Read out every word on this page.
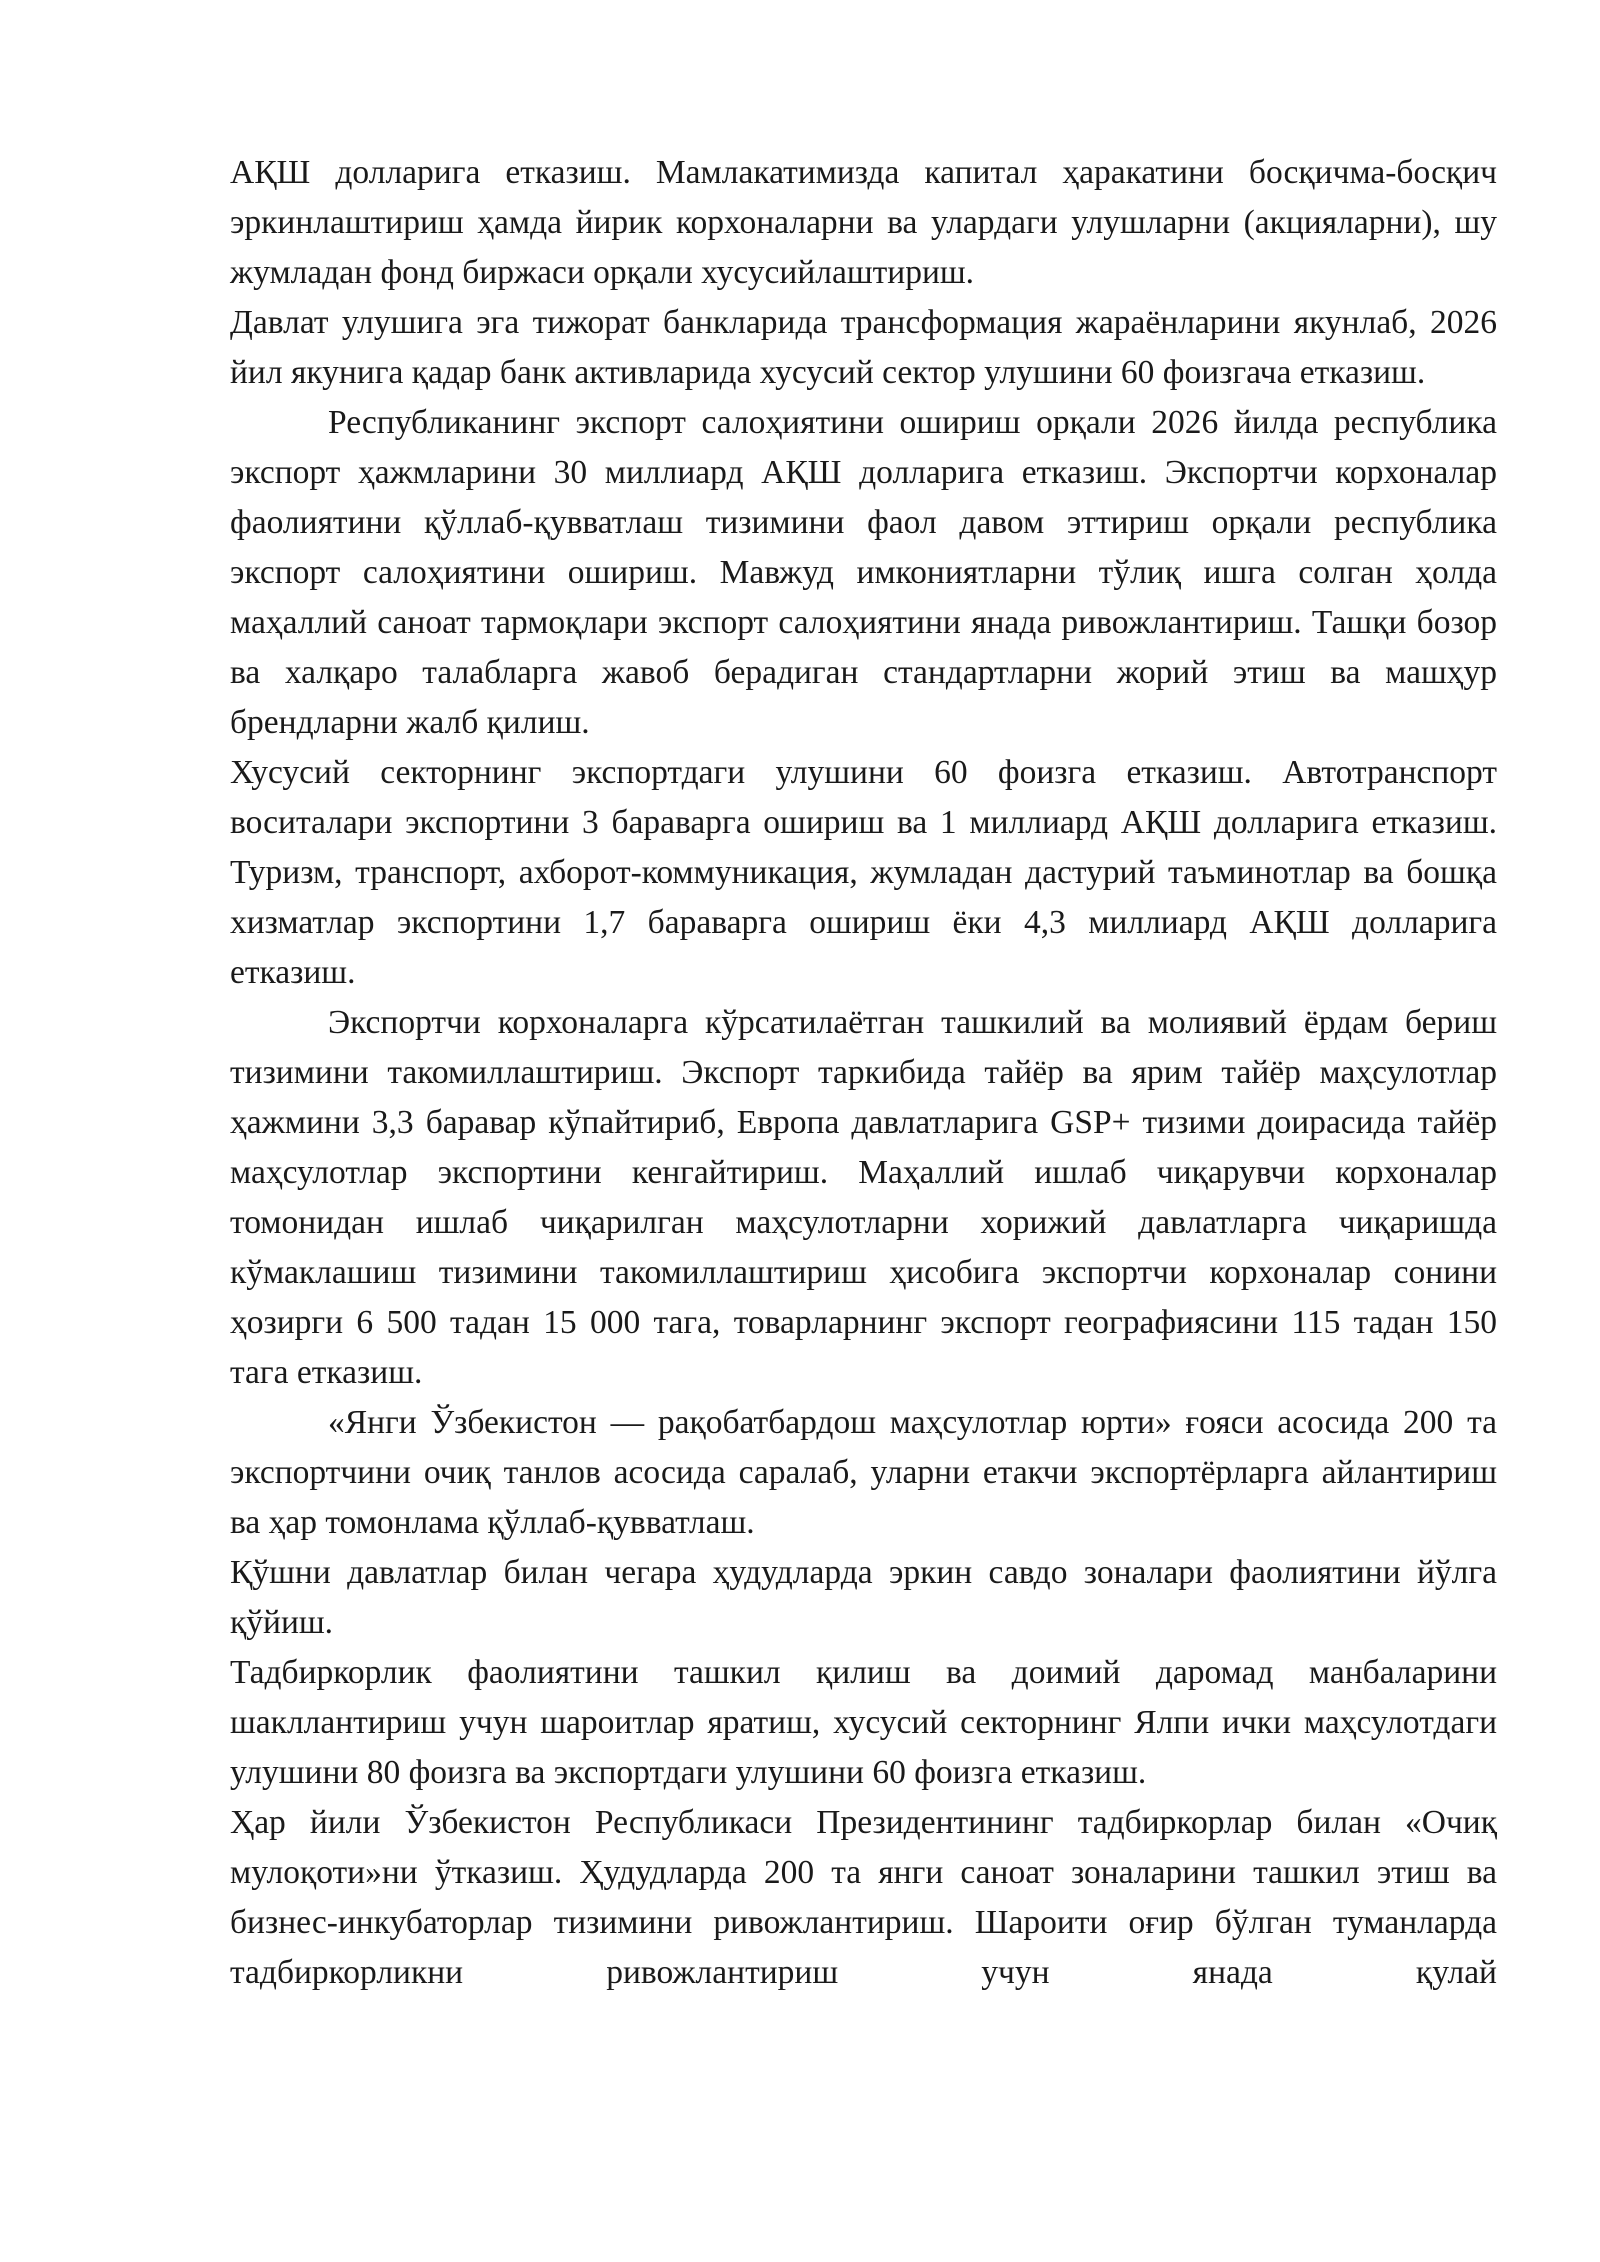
АҚШ долларига етказиш. Мамлакатимизда капитал ҳаракатини босқичма-босқич эркинлаштириш ҳамда йирик корхоналарни ва улардаги улушларни (акцияларни), шу жумладан фонд биржаси орқали хусусийлаштириш.

Давлат улушига эга тижорат банкларида трансформация жараёнларини якунлаб, 2026 йил якунига қадар банк активларида хусусий сектор улушини 60 фоизгача етказиш.

Республиканинг экспорт салоҳиятини ошириш орқали 2026 йилда республика экспорт ҳажмларини 30 миллиард АҚШ долларига етказиш. Экспортчи корхоналар фаолиятини қўллаб-қувватлаш тизимини фаол давом эттириш орқали республика экспорт салоҳиятини ошириш. Мавжуд имкониятларни тўлиқ ишга солган ҳолда маҳаллий саноат тармоқлари экспорт салоҳиятини янада ривожлантириш. Ташқи бозор ва халқаро талабларга жавоб берадиган стандартларни жорий этиш ва машҳур брендларни жалб қилиш.

Хусусий секторнинг экспортдаги улушини 60 фоизга етказиш. Автотранспорт воситалари экспортини 3 бараварга ошириш ва 1 миллиард АҚШ долларига етказиш. Туризм, транспорт, ахборот-коммуникация, жумладан дастурий таъминотлар ва бошқа хизматлар экспортини 1,7 бараварга ошириш ёки 4,3 миллиард АҚШ долларига етказиш.

Экспортчи корхоналарга кўрсатилаётган ташкилий ва молиявий ёрдам бериш тизимини такомиллаштириш. Экспорт таркибида тайёр ва ярим тайёр маҳсулотлар ҳажмини 3,3 баравар кўпайтириб, Европа давлатларига GSP+ тизими доирасида тайёр маҳсулотлар экспортини кенгайтириш. Маҳаллий ишлаб чиқарувчи корхоналар томонидан ишлаб чиқарилган маҳсулотларни хорижий давлатларга чиқаришда кўмаклашиш тизимини такомиллаштириш ҳисобига экспортчи корхоналар сонини ҳозирги 6 500 тадан 15 000 тага, товарларнинг экспорт географиясини 115 тадан 150 тага етказиш.

«Янги Ўзбекистон — рақобатбардош маҳсулотлар юрти» ғояси асосида 200 та экспортчини очиқ танлов асосида саралаб, уларни етакчи экспортёрларга айлантириш ва ҳар томонлама қўллаб-қувватлаш.

Қўшни давлатлар билан чегара ҳудудларда эркин савдо зоналари фаолиятини йўлга қўйиш.

Тадбиркорлик фаолиятини ташкил қилиш ва доимий даромад манбаларини шакллантириш учун шароитлар яратиш, хусусий секторнинг Ялпи ички маҳсулотдаги улушини 80 фоизга ва экспортдаги улушини 60 фоизга етказиш.

Ҳар йили Ўзбекистон Республикаси Президентининг тадбиркорлар билан «Очиқ мулоқоти»ни ўтказиш. Ҳудудларда 200 та янги саноат зоналарини ташкил этиш ва бизнес-инкубаторлар тизимини ривожлантириш. Шароити оғир бўлган туманларда тадбиркорликни ривожлантириш учун янада қулай
